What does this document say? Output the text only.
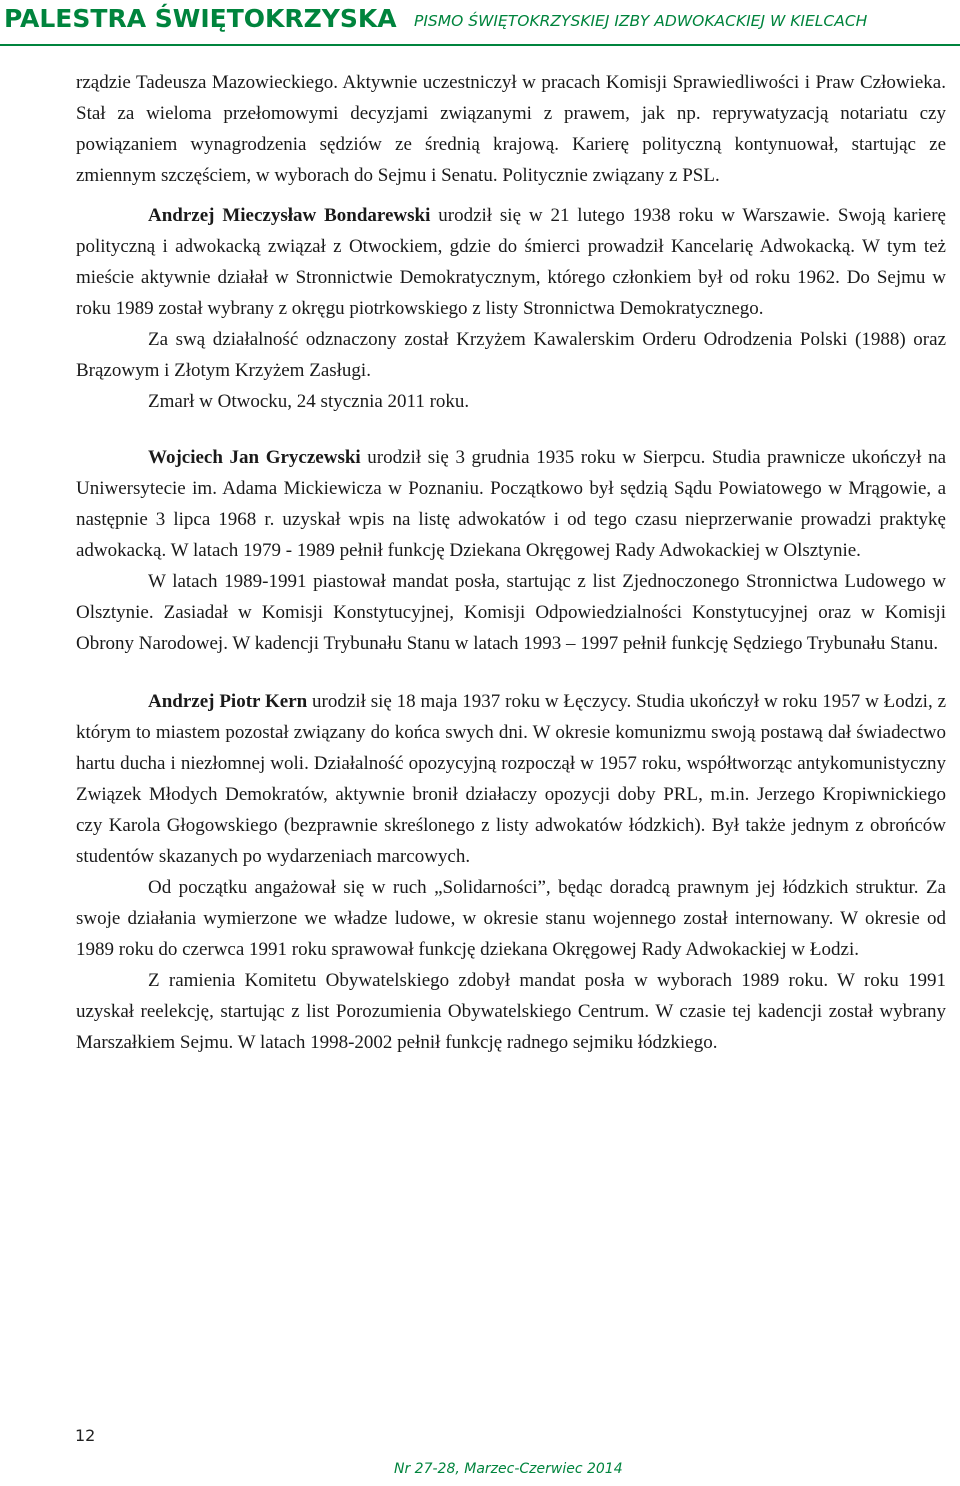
PALESTRA ŚWIĘTOKRZYSKA PISMO ŚWIĘTOKRZYSKIEJ IZBY ADWOKACKIEJ W KIELCACH

rządzie Tadeusza Mazowieckiego. Aktywnie uczestniczył w pracach Komisji Sprawiedliwości i Praw Człowieka. Stał za wieloma przełomowymi decyzjami związanymi z prawem, jak np. reprywatyzacją notariatu czy powiązaniem wynagrodzenia sędziów ze średnią krajową. Karierę polityczną kontynuował, startując ze zmiennym szczęściem, w wyborach do Sejmu i Senatu. Politycznie związany z PSL.

Andrzej Mieczysław Bondarewski urodził się w 21 lutego 1938 roku w Warszawie. Swoją karierę polityczną i adwokacką związał z Otwockiem, gdzie do śmierci prowadził Kancelarię Adwokacką. W tym też mieście aktywnie działał w Stronnictwie Demokratycznym, którego członkiem był od roku 1962. Do Sejmu w roku 1989 został wybrany z okręgu piotrkowskiego z listy Stronnictwa Demokratycznego.

Za swą działalność odznaczony został Krzyżem Kawalerskim Orderu Odrodzenia Polski (1988) oraz Brązowym i Złotym Krzyżem Zasługi.

Zmarł w Otwocku, 24 stycznia 2011 roku.

Wojciech Jan Gryczewski urodził się 3 grudnia 1935 roku w Sierpcu. Studia prawnicze ukończył na Uniwersytecie im. Adama Mickiewicza w Poznaniu. Początkowo był sędzią Sądu Powiatowego w Mrągowie, a następnie 3 lipca 1968 r. uzyskał wpis na listę adwokatów i od tego czasu nieprzerwanie prowadzi praktykę adwokacką. W latach 1979 - 1989 pełnił funkcję Dziekana Okręgowej Rady Adwokackiej w Olsztynie.

W latach 1989-1991 piastował mandat posła, startując z list Zjednoczonego Stronnictwa Ludowego w Olsztynie. Zasiadał w Komisji Konstytucyjnej, Komisji Odpowiedzialności Konstytucyjnej oraz w Komisji Obrony Narodowej. W kadencji Trybunału Stanu w latach 1993 – 1997 pełnił funkcję Sędziego Trybunału Stanu.

Andrzej Piotr Kern urodził się 18 maja 1937 roku w Łęczycy. Studia ukończył w roku 1957 w Łodzi, z którym to miastem pozostał związany do końca swych dni. W okresie komunizmu swoją postawą dał świadectwo hartu ducha i niezłomnej woli. Działalność opozycyjną rozpoczął w 1957 roku, współtworząc antykomunistyczny Związek Młodych Demokratów, aktywnie bronił działaczy opozycji doby PRL, m.in. Jerzego Kropiwnickiego czy Karola Głogowskiego (bezprawnie skreślonego z listy adwokatów łódzkich). Był także jednym z obrońców studentów skazanych po wydarzeniach marcowych.

Od początku angażował się w ruch „Solidarności”, będąc doradcą prawnym jej łódzkich struktur. Za swoje działania wymierzone we władze ludowe, w okresie stanu wojennego został internowany. W okresie od 1989 roku do czerwca 1991 roku sprawował funkcję dziekana Okręgowej Rady Adwokackiej w Łodzi.

Z ramienia Komitetu Obywatelskiego zdobył mandat posła w wyborach 1989 roku. W roku 1991 uzyskał reelekcję, startując z list Porozumienia Obywatelskiego Centrum. W czasie tej kadencji został wybrany Marszałkiem Sejmu. W latach 1998-2002 pełnił funkcję radnego sejmiku łódzkiego.

12
Nr 27-28, Marzec-Czerwiec 2014
